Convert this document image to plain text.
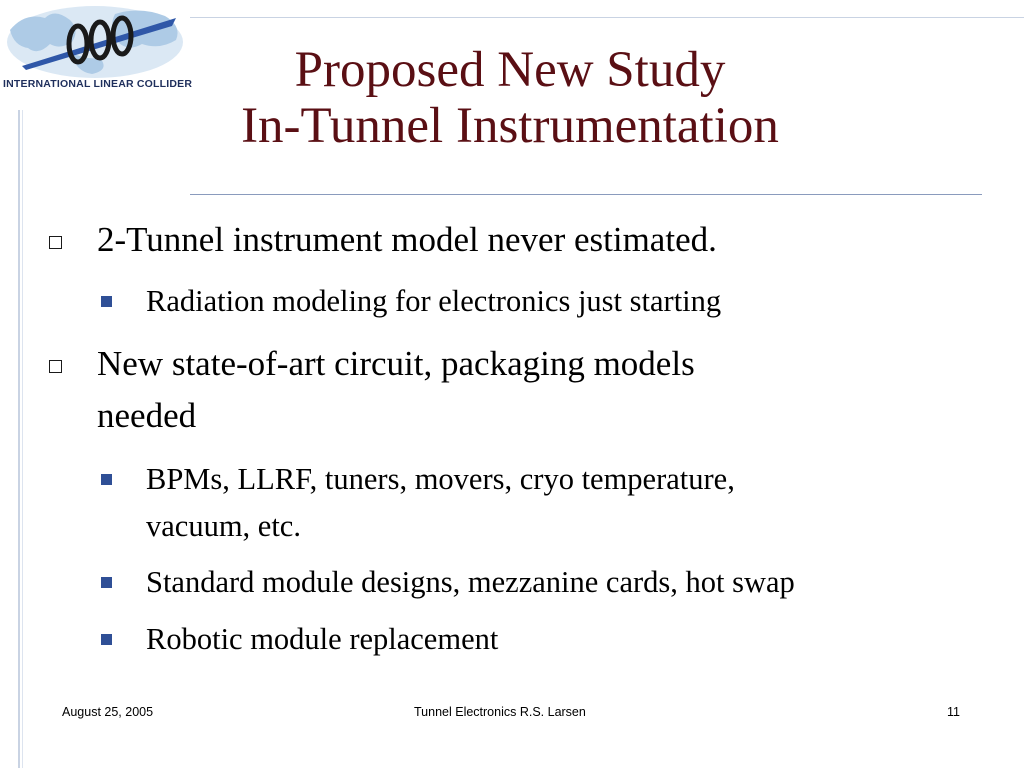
INTERNATIONAL LINEAR COLLIDER	Proposed New Study
In-Tunnel Instrumentation
2-Tunnel instrument model never estimated.
Radiation modeling for electronics just starting
New state-of-art circuit, packaging models
needed
BPMs, LLRF, tuners, movers, cryo temperature,
vacuum, etc.
Standard module designs, mezzanine cards, hot swap
Robotic module replacement
August 25, 2005	Tunnel Electronics R.S. Larsen	11
